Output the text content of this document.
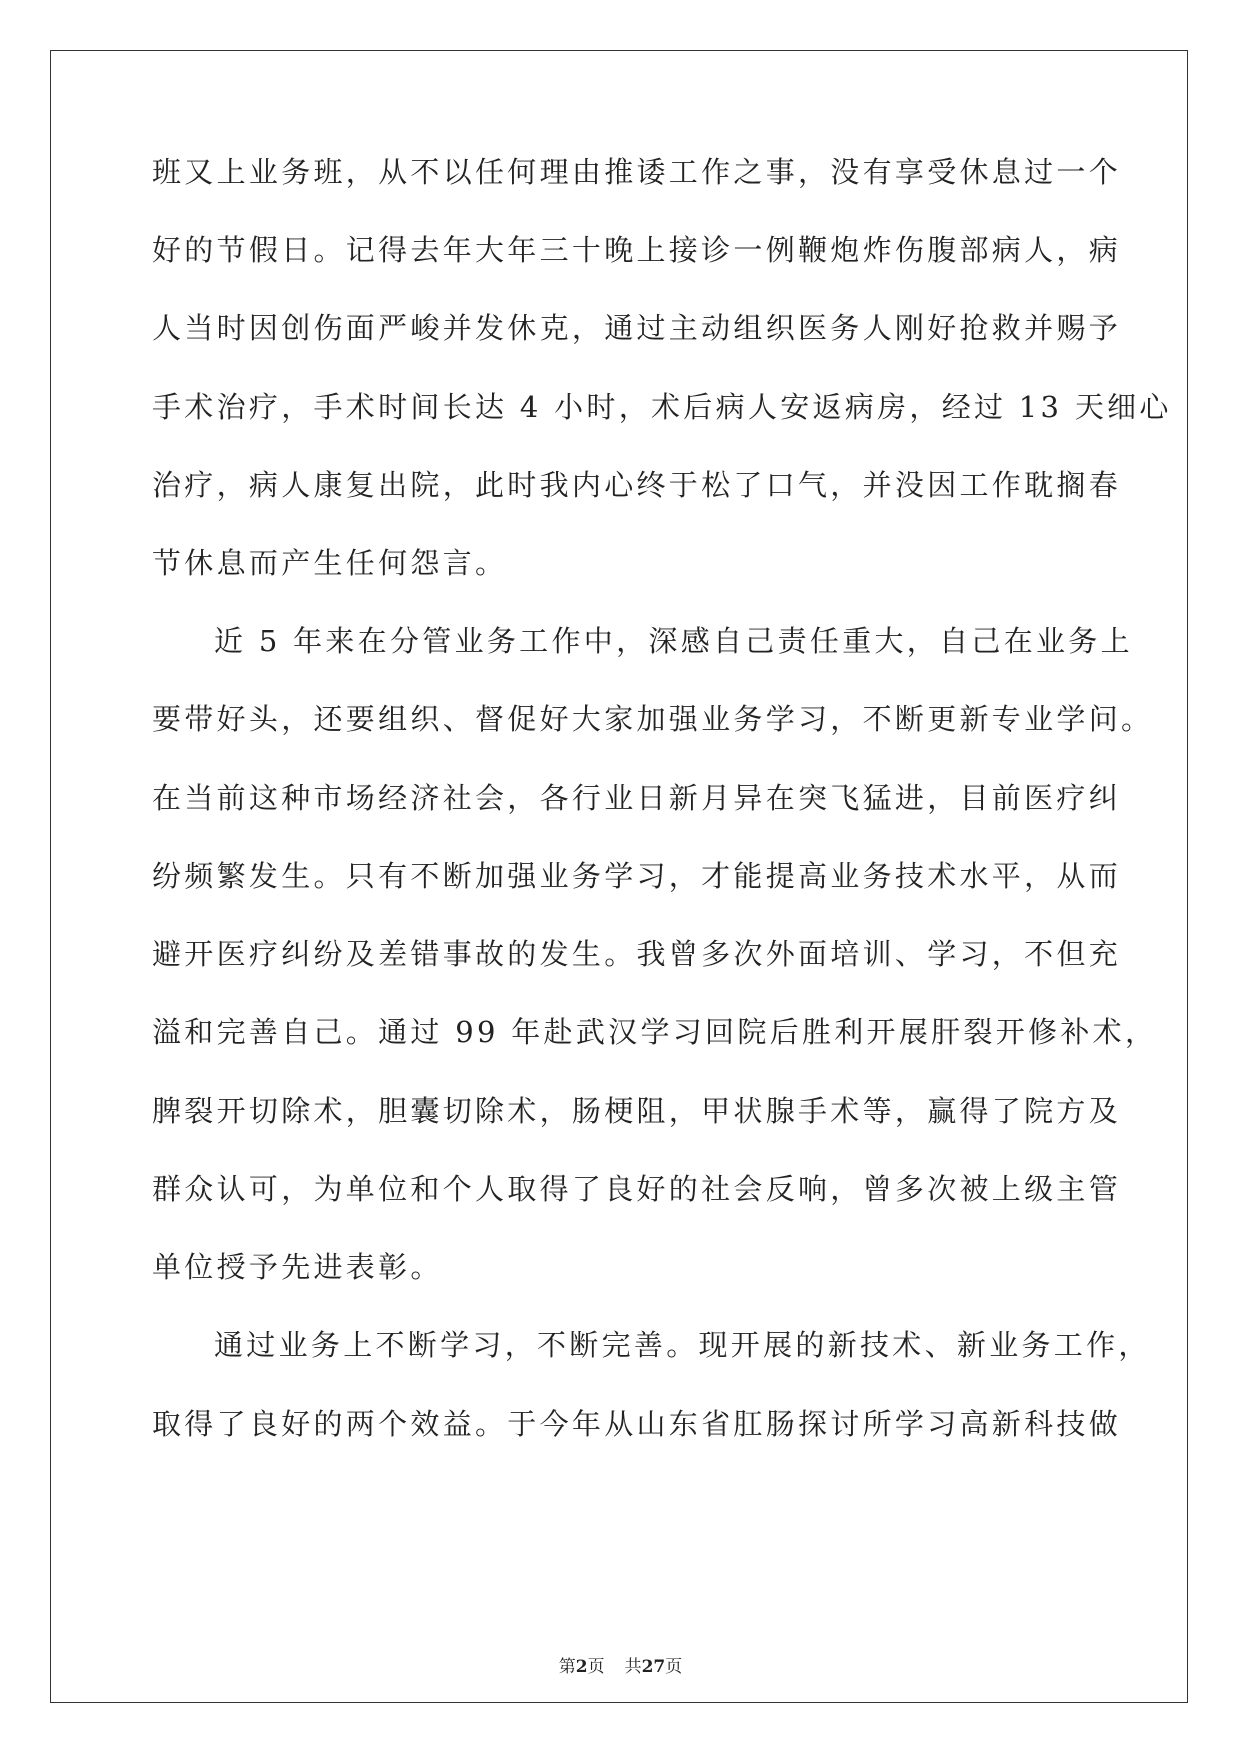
班又上业务班，从不以任何理由推诿工作之事，没有享受休息过一个
好的节假日。记得去年大年三十晚上接诊一例鞭炮炸伤腹部病人，病
人当时因创伤面严峻并发休克，通过主动组织医务人刚好抢救并赐予
手术治疗，手术时间长达 4 小时，术后病人安返病房，经过 13 天细心
治疗，病人康复出院，此时我内心终于松了口气，并没因工作耽搁春
节休息而产生任何怨言。
近 5 年来在分管业务工作中，深感自己责任重大，自己在业务上
要带好头，还要组织、督促好大家加强业务学习，不断更新专业学问。
在当前这种市场经济社会，各行业日新月异在突飞猛进，目前医疗纠
纷频繁发生。只有不断加强业务学习，才能提高业务技术水平，从而
避开医疗纠纷及差错事故的发生。我曾多次外面培训、学习，不但充
溢和完善自己。通过 99 年赴武汉学习回院后胜利开展肝裂开修补术，
脾裂开切除术，胆囊切除术，肠梗阻，甲状腺手术等，赢得了院方及
群众认可，为单位和个人取得了良好的社会反响，曾多次被上级主管
单位授予先进表彰。
通过业务上不断学习，不断完善。现开展的新技术、新业务工作，
取得了良好的两个效益。于今年从山东省肛肠探讨所学习高新科技做
第2页 共27页
